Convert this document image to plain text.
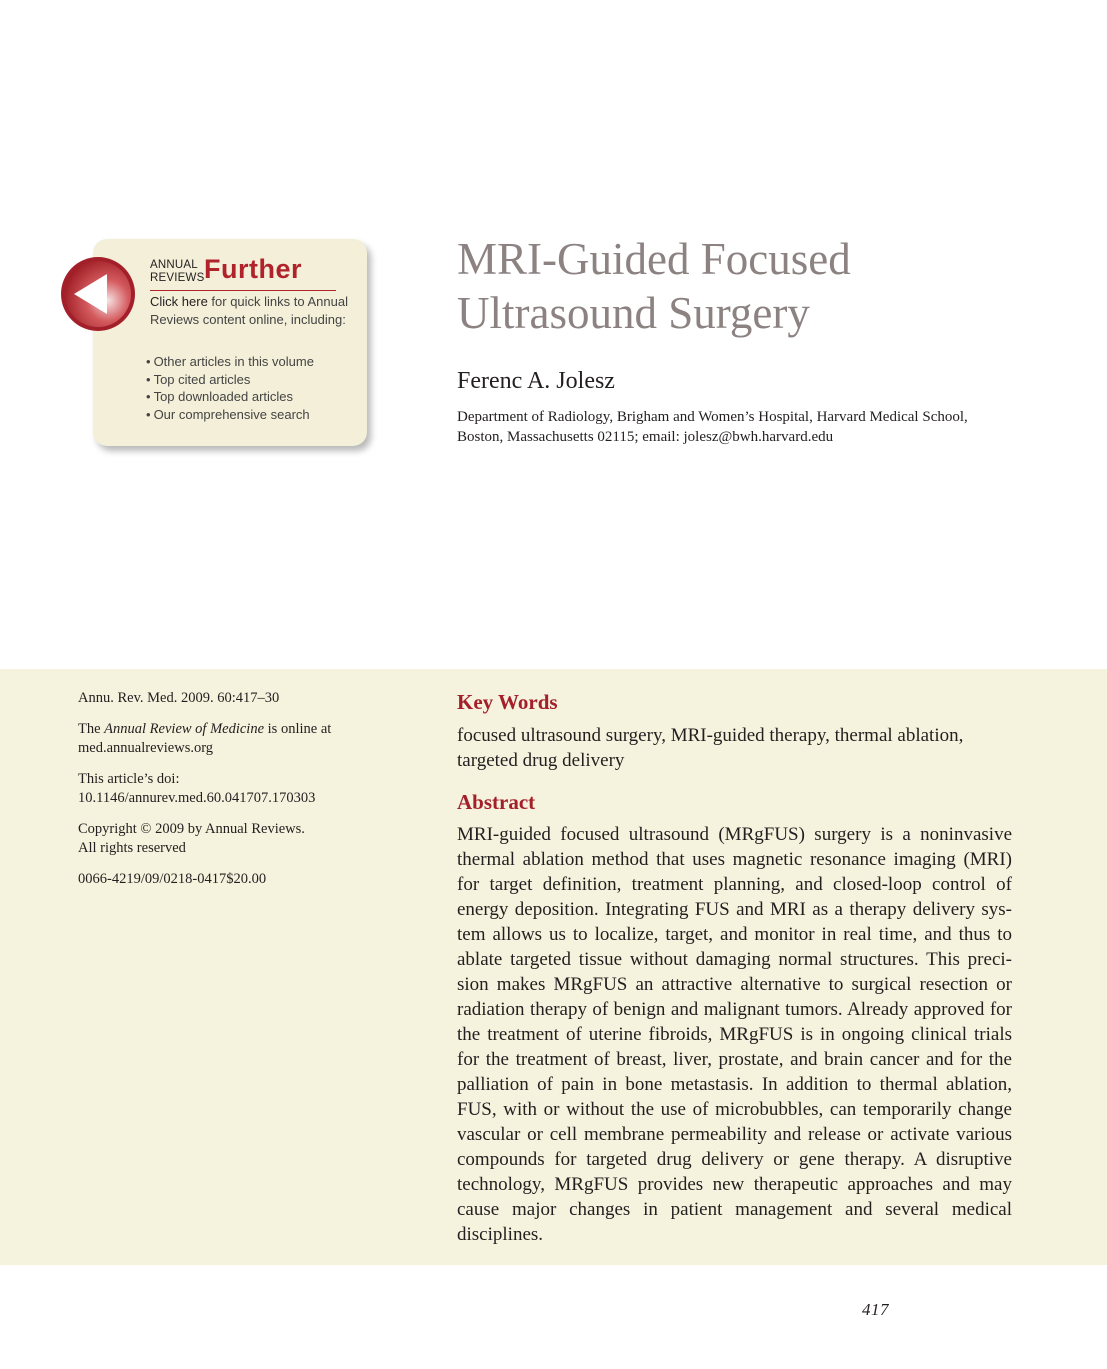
ANNUAL
REVIEWS Further
Click here for quick links to Annual Reviews content online, including:
• Other articles in this volume
• Top cited articles
• Top downloaded articles
• Our comprehensive search
MRI-Guided Focused
Ultrasound Surgery
Ferenc A. Jolesz

Department of Radiology, Brigham and Women’s Hospital, Harvard Medical School,
Boston, Massachusetts 02115; email: jolesz@bwh.harvard.edu

Annu. Rev. Med. 2009. 60:417–30

The Annual Review of Medicine is online at med.annualreviews.org

This article’s doi:
10.1146/annurev.med.60.041707.170303

Copyright © 2009 by Annual Reviews.
All rights reserved

0066-4219/09/0218-0417$20.00

Key Words

focused ultrasound surgery, MRI-guided therapy, thermal ablation, targeted drug delivery

Abstract

MRI-guided focused ultrasound (MRgFUS) surgery is a noninvasive thermal ablation method that uses magnetic resonance imaging (MRI) for target definition, treatment planning, and closed-loop control of energy deposition. Integrating FUS and MRI as a therapy delivery system allows us to localize, target, and monitor in real time, and thus to ablate targeted tissue without damaging normal structures. This precision makes MRgFUS an attractive alternative to surgical resection or radiation therapy of benign and malignant tumors. Already approved for the treatment of uterine fibroids, MRgFUS is in ongoing clinical trials for the treatment of breast, liver, prostate, and brain cancer and for the palliation of pain in bone metastasis. In addition to thermal ablation, FUS, with or without the use of microbubbles, can temporarily change vascular or cell membrane permeability and release or activate various compounds for targeted drug delivery or gene therapy. A disruptive technology, MRgFUS provides new therapeutic approaches and may cause major changes in patient management and several medical disciplines.

417
